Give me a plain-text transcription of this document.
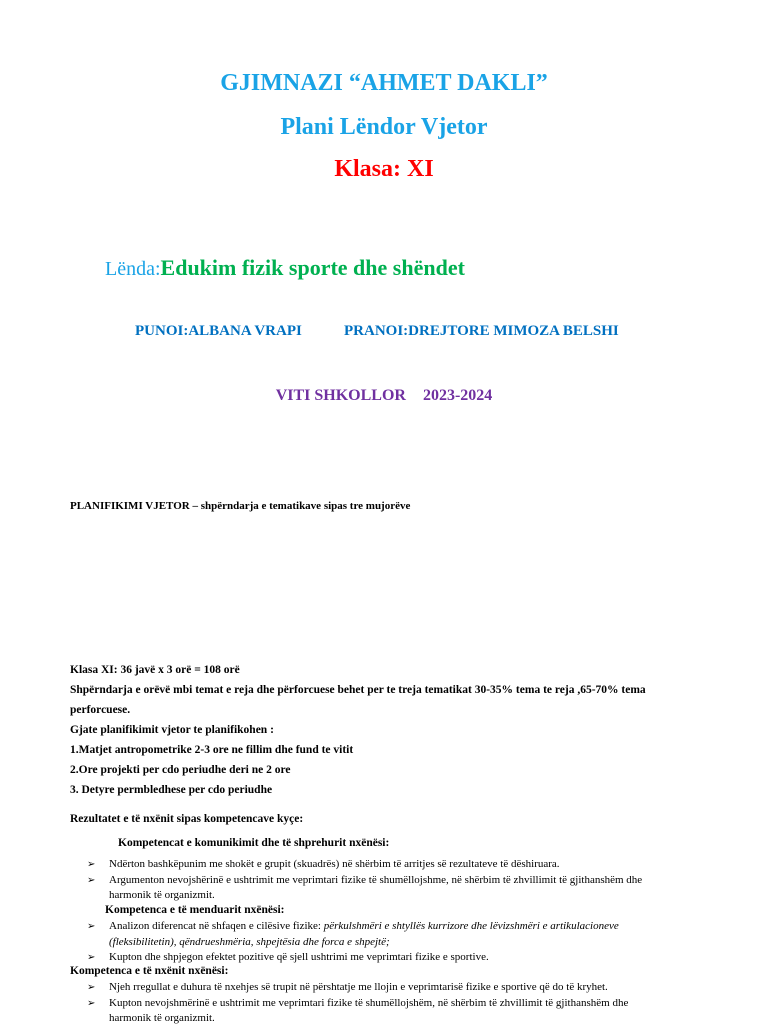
GJIMNAZI “AHMET DAKLI”
Plani Lëndor Vjetor
Klasa: XI
Lënda:Edukim fizik sporte dhe shëndet
PUNOI:ALBANA VRAPI	PRANOI:DREJTORE MIMOZA BELSHI
VITI SHKOLLOR 2023-2024
PLANIFIKIMI VJETOR – shpërndarja e tematikave sipas tre mujorëve
Klasa XI: 36 javë x 3 orë = 108 orë
Shpërndarja e orëvë mbi temat e reja dhe përforcuese behet per te treja tematikat 30-35% tema te reja ,65-70% tema perforcuese.
Gjate planifikimit vjetor te planifikohen :
1.Matjet antropometrike 2-3 ore ne fillim dhe fund te vitit
2.Ore projekti per cdo periudhe deri ne 2 ore
3. Detyre permbledhese per cdo periudhe
Rezultatet e të nxënit sipas kompetencave kyçe:
Kompetencat e komunikimit dhe të shprehurit nxënësi:
➢ Ndërton bashkëpunim me shokët e grupit (skuadrës) në shërbim të arritjes së rezultateve të dëshiruara.
➢ Argumenton nevojshërinë e ushtrimit me veprimtari fizike të shumëllojshme, në shërbim të zhvillimit të gjithanshëm dhe harmonik të organizmit.
Kompetenca e të menduarit nxënësi:
➢ Analizon diferencat në shfaqen e cilësive fizike: përkulshmëri e shtyllës kurrizore dhe lëvizshmëri e artikulacioneve (fleksibilitetin), qëndrueshmëria, shpejtësia dhe forca e shpejtë;
➢ Kupton dhe shpjegon efektet pozitive që sjell ushtrimi me veprimtari fizike e sportive.
Kompetenca e të nxënit nxënësi:
➢ Njeh rregullat e duhura të nxehjes së trupit në përshtatje me llojin e veprimtarisë fizike e sportive që do të kryhet.
➢ Kupton nevojshmërinë e ushtrimit me veprimtari fizike të shumëllojshëm, në shërbim të zhvillimit të gjithanshëm dhe harmonik të organizmit.
